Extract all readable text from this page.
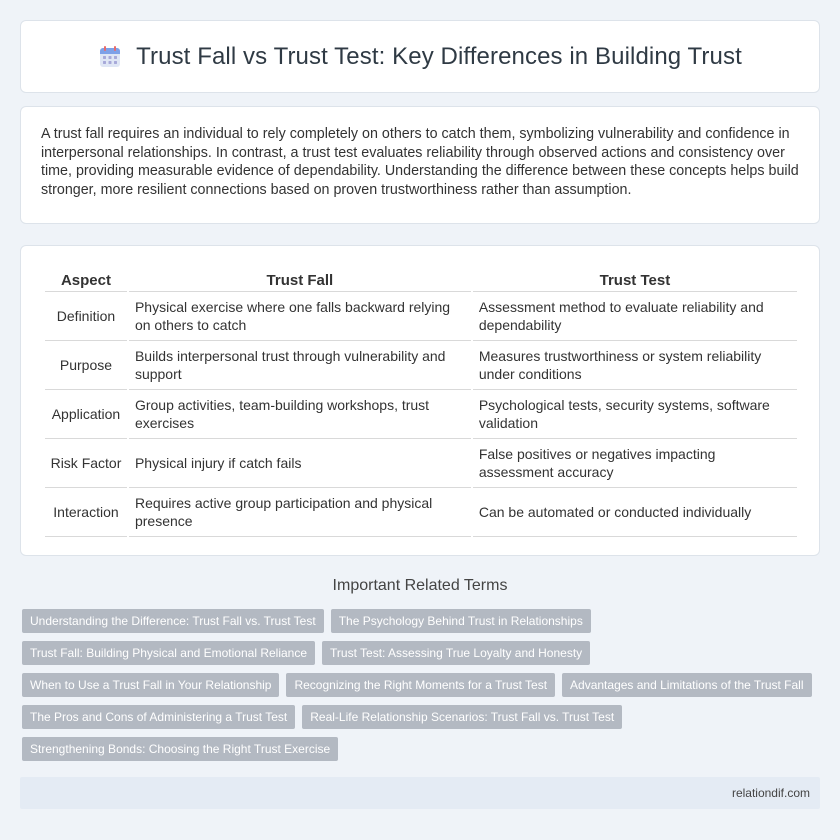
Trust Fall vs Trust Test: Key Differences in Building Trust

A trust fall requires an individual to rely completely on others to catch them, symbolizing vulnerability and confidence in interpersonal relationships. In contrast, a trust test evaluates reliability through observed actions and consistency over time, providing measurable evidence of dependability. Understanding the difference between these concepts helps build stronger, more resilient connections based on proven trustworthiness rather than assumption.

Aspect	Trust Fall	Trust Test
Definition	Physical exercise where one falls backward relying on others to catch	Assessment method to evaluate reliability and dependability
Purpose	Builds interpersonal trust through vulnerability and support	Measures trustworthiness or system reliability under conditions
Application	Group activities, team-building workshops, trust exercises	Psychological tests, security systems, software validation
Risk Factor	Physical injury if catch fails	False positives or negatives impacting assessment accuracy
Interaction	Requires active group participation and physical presence	Can be automated or conducted individually
Important Related Terms
Understanding the Difference: Trust Fall vs. Trust Test	The Psychology Behind Trust in Relationships
Trust Fall: Building Physical and Emotional Reliance	Trust Test: Assessing True Loyalty and Honesty
When to Use a Trust Fall in Your Relationship	Recognizing the Right Moments for a Trust Test	Advantages and Limitations of the Trust Fall
The Pros and Cons of Administering a Trust Test	Real-Life Relationship Scenarios: Trust Fall vs. Trust Test
Strengthening Bonds: Choosing the Right Trust Exercise
relationdif.com
